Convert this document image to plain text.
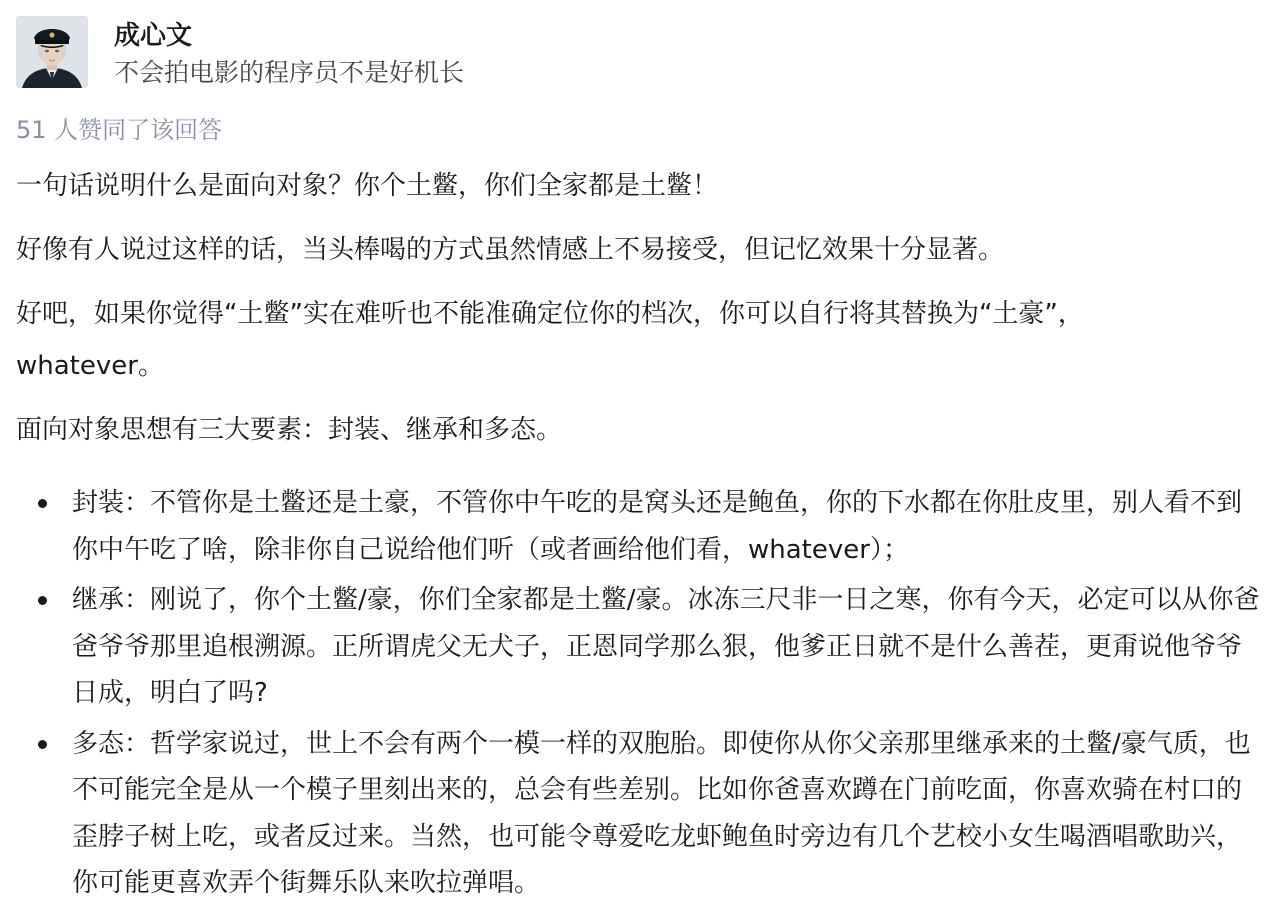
成心文
不会拍电影的程序员不是好机长
51 人赞同了该回答

一句话说明什么是面向对象？你个土鳖，你们全家都是土鳖！

好像有人说过这样的话，当头棒喝的方式虽然情感上不易接受，但记忆效果十分显著。

好吧，如果你觉得“土鳖”实在难听也不能准确定位你的档次，你可以自行将其替换为“土豪”，whatever。

面向对象思想有三大要素：封装、继承和多态。

封装：不管你是土鳖还是土豪，不管你中午吃的是窝头还是鲍鱼，你的下水都在你肚皮里，别人看不到你中午吃了啥，除非你自己说给他们听（或者画给他们看，whatever）；
继承：刚说了，你个土鳖/豪，你们全家都是土鳖/豪。冰冻三尺非一日之寒，你有今天，必定可以从你爸爸爷爷那里追根溯源。正所谓虎父无犬子，正恩同学那么狠，他爹正日就不是什么善茬，更甭说他爷爷日成，明白了吗?
多态：哲学家说过，世上不会有两个一模一样的双胞胎。即使你从你父亲那里继承来的土鳖/豪气质，也不可能完全是从一个模子里刻出来的，总会有些差别。比如你爸喜欢蹲在门前吃面，你喜欢骑在村口的歪脖子树上吃，或者反过来。当然，也可能令尊爱吃龙虾鲍鱼时旁边有几个艺校小女生喝酒唱歌助兴，你可能更喜欢弄个街舞乐队来吹拉弹唱。
